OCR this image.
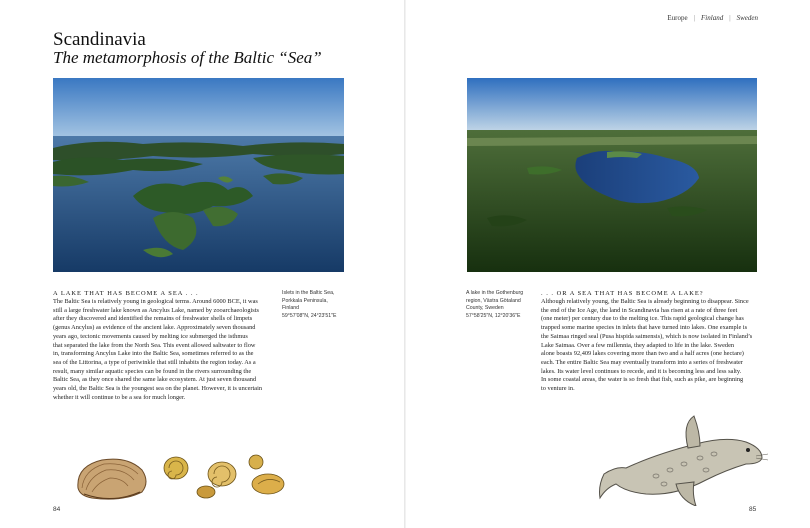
Europe | Finland | Sweden
Scandinavia
The metamorphosis of the Baltic “Sea”
Islets in the Baltic Sea,
Porkkala Peninsula,
Finland
59°57′08″N, 24°23′51″E
A lake in the Gothenburg
region, Västra Götaland
County, Sweden
57°58′25″N, 12°20′36″E
A LAKE THAT HAS BECOME A SEA . . .
The Baltic Sea is relatively young in geological terms. Around 6000 BCE, it was
still a large freshwater lake known as Ancylus Lake, named by zooarchaeologists
after they discovered and identified the remains of freshwater shells of limpets
(genus Ancylus) as evidence of the ancient lake. Approximately seven thousand
years ago, tectonic movements caused by melting ice submerged the isthmus
that separated the lake from the North Sea. This event allowed saltwater to flow
in, transforming Ancylus Lake into the Baltic Sea, sometimes referred to as the
sea of the Littorina, a type of periwinkle that still inhabits the region today. As a
result, many similar aquatic species can be found in the rivers surrounding the
Baltic Sea, as they once shared the same lake ecosystem. At just seven thousand
years old, the Baltic Sea is the youngest sea on the planet. However, it is uncertain
whether it will continue to be a sea for much longer.
. . . OR A SEA THAT HAS BECOME A LAKE?
Although relatively young, the Baltic Sea is already beginning to disappear. Since
the end of the Ice Age, the land in Scandinavia has risen at a rate of three feet
(one meter) per century due to the melting ice. This rapid geological change has
trapped some marine species in inlets that have turned into lakes. One example is
the Saimaa ringed seal (Pusa hispida saimensis), which is now isolated in Finland’s
Lake Saimaa. Over a few millennia, they adapted to life in the lake. Sweden
alone boasts 92,409 lakes covering more than two and a half acres (one hectare)
each. The entire Baltic Sea may eventually transform into a series of freshwater
lakes. Its water level continues to recede, and it is becoming less and less salty.
In some coastal areas, the water is so fresh that fish, such as pike, are beginning
to venture in.
84	85
